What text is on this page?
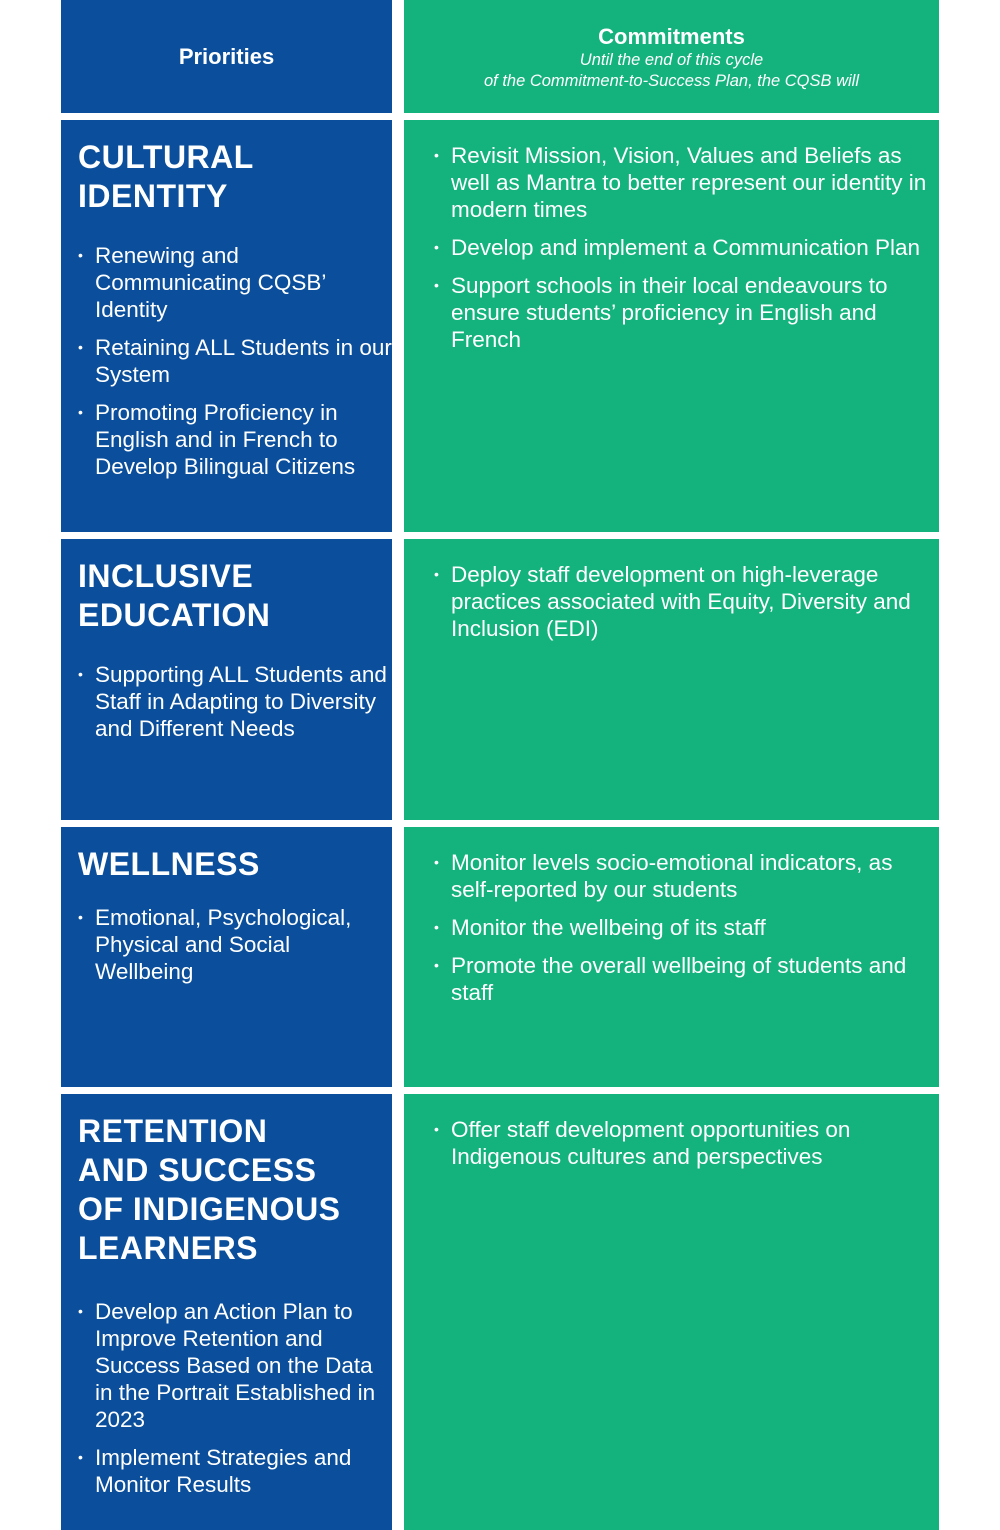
Priorities
Commitments
Until the end of this cycle
of the Commitment-to-Success Plan, the CQSB will
CULTURAL
IDENTITY
• Renewing and Communicating CQSB’ Identity
• Retaining ALL Students in our System
• Promoting Proficiency in English and in French to Develop Bilingual Citizens
• Revisit Mission, Vision, Values and Beliefs as well as Mantra to better represent our identity in modern times
• Develop and implement a Communication Plan
• Support schools in their local endeavours to ensure students’ proficiency in English and French
INCLUSIVE
EDUCATION
• Supporting ALL Students and Staff in Adapting to Diversity and Different Needs
• Deploy staff development on high-leverage practices associated with Equity, Diversity and Inclusion (EDI)
WELLNESS
• Emotional, Psychological, Physical and Social Wellbeing
• Monitor levels socio-emotional indicators, as self-reported by our students
• Monitor the wellbeing of its staff
• Promote the overall wellbeing of students and staff
RETENTION
AND SUCCESS
OF INDIGENOUS
LEARNERS
• Develop an Action Plan to Improve Retention and Success Based on the Data in the Portrait Established in 2023
• Implement Strategies and Monitor Results
• Offer staff development opportunities on Indigenous cultures and perspectives
